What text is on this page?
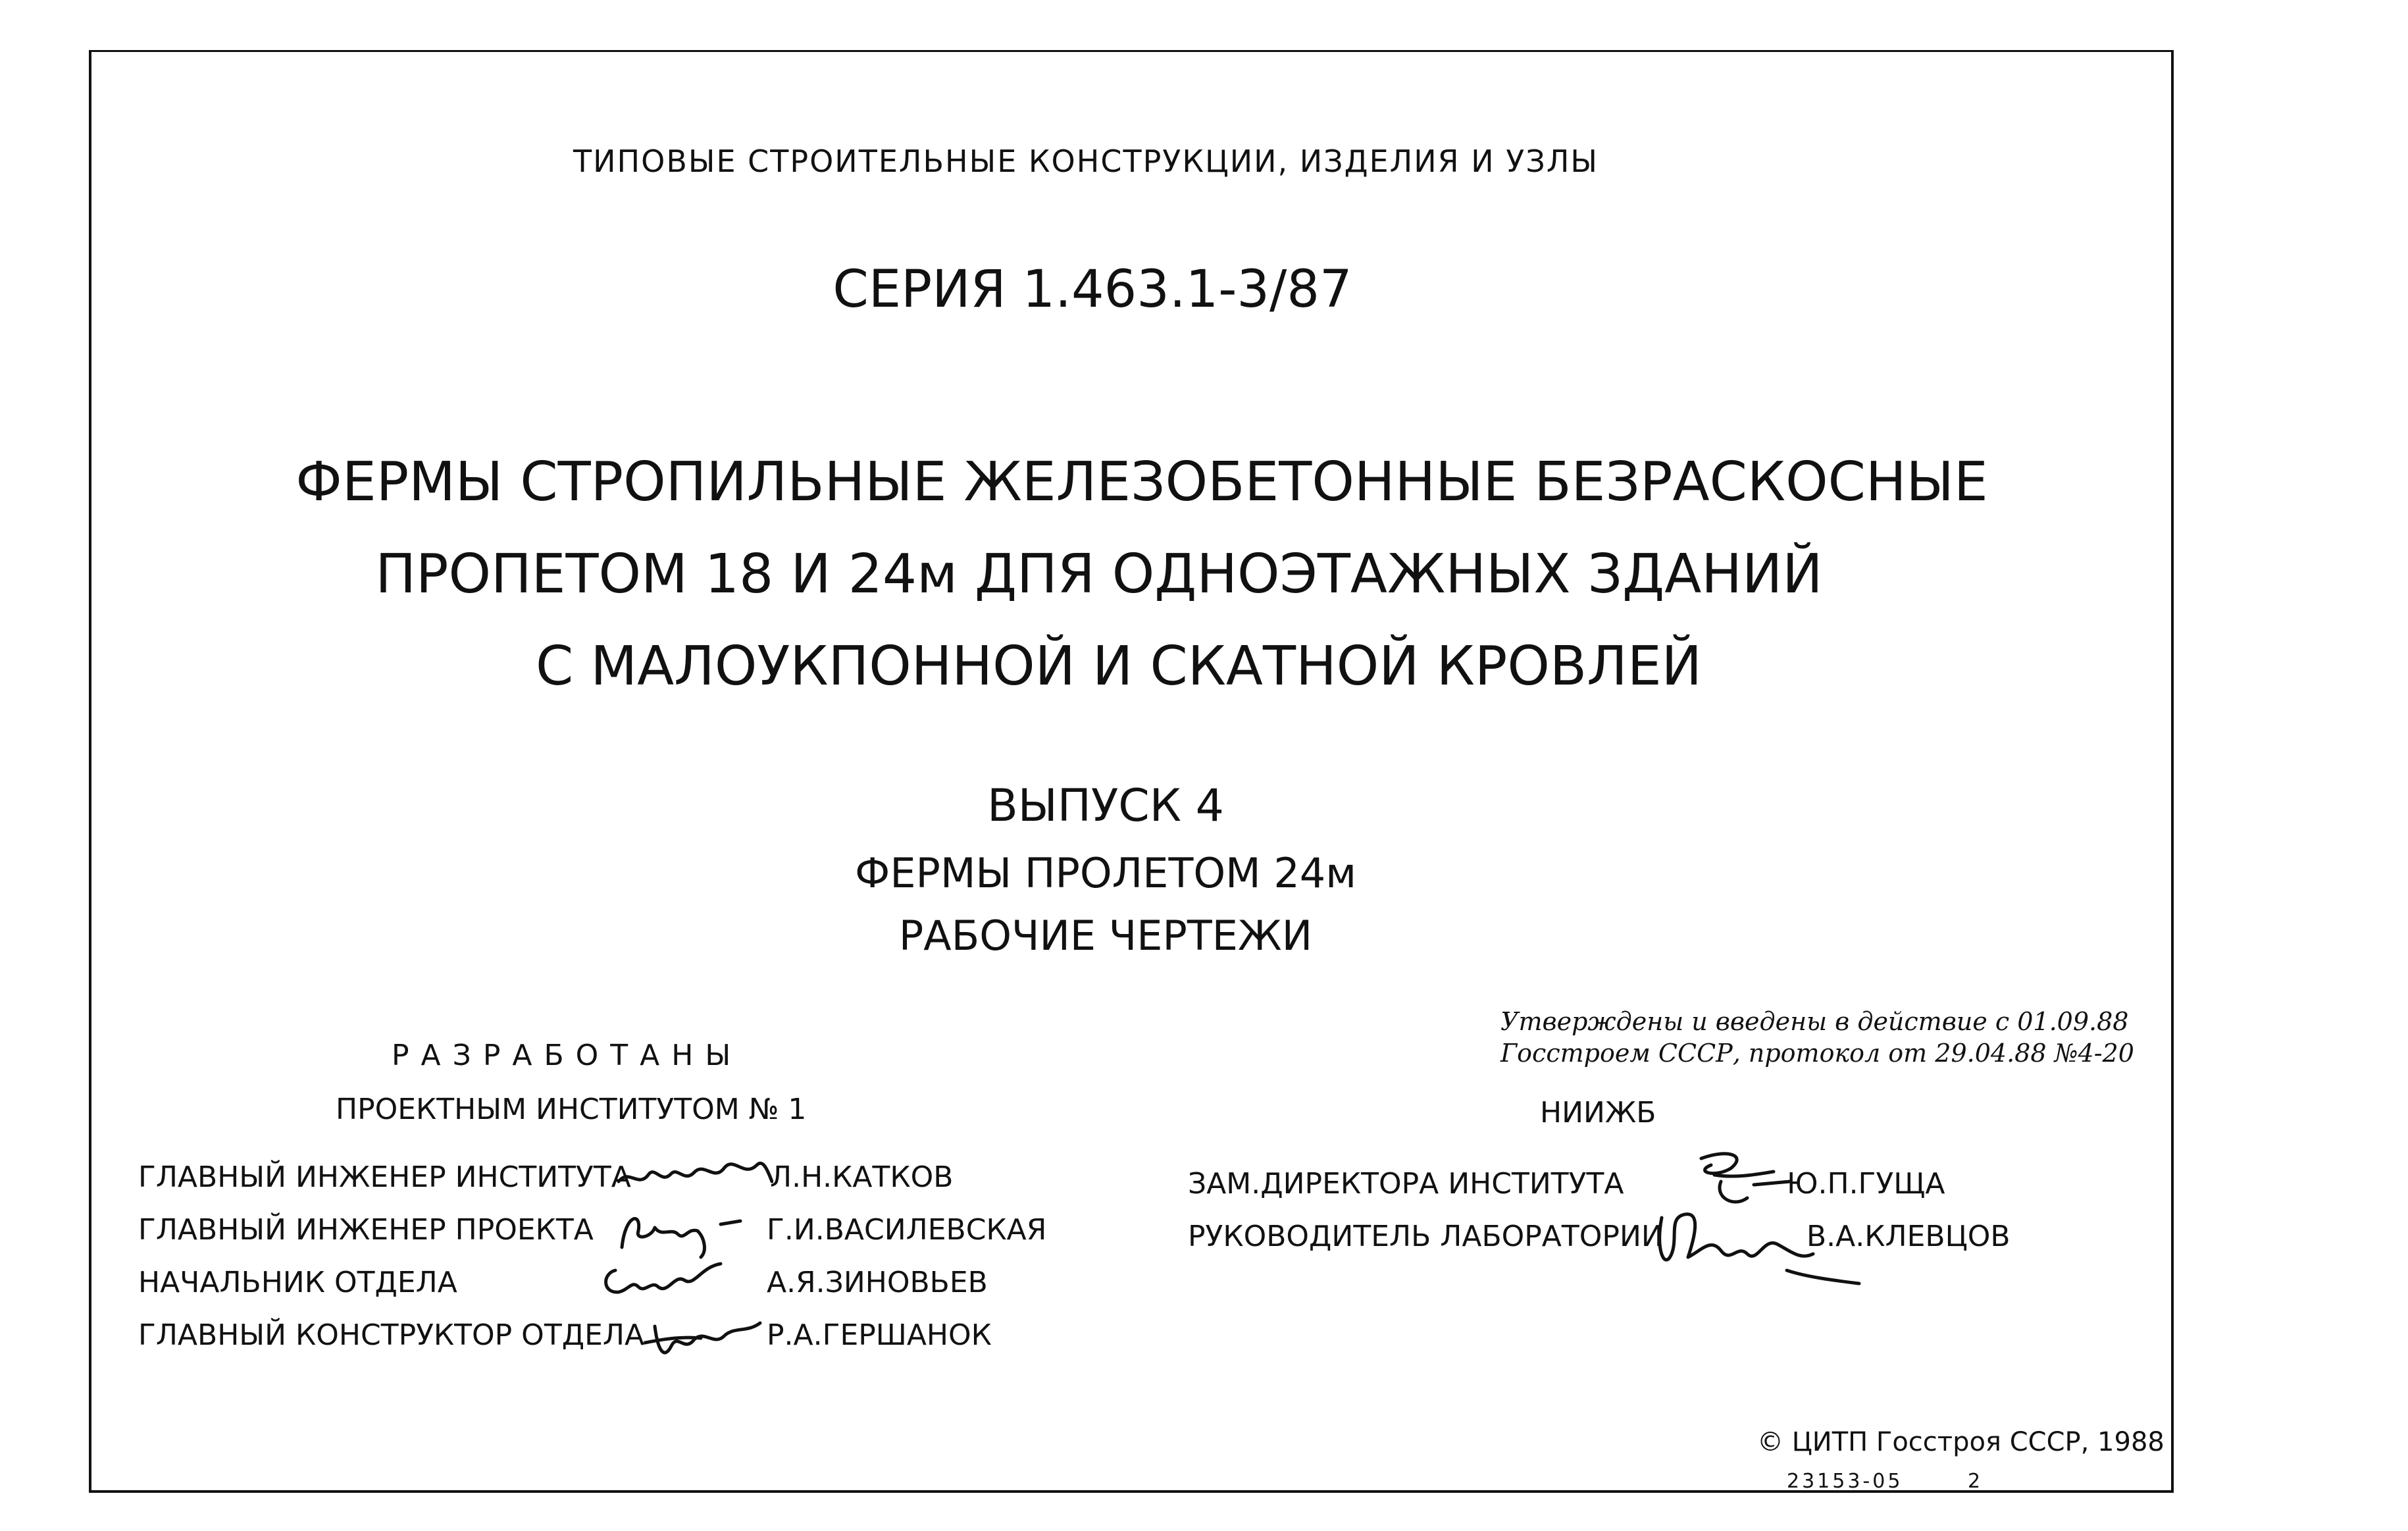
ТИПОВЫЕ СТРОИТЕЛЬНЫЕ КОНСТРУКЦИИ, ИЗДЕЛИЯ И УЗЛЫ
СЕРИЯ 1.463.1-3/87
ФЕРМЫ СТРОПИЛЬНЫЕ ЖЕЛЕЗОБЕТОННЫЕ БЕЗРАСКОСНЫЕ
ПРОПЕТОМ 18 И 24м ДПЯ ОДНОЭТАЖНЫХ ЗДАНИЙ
С МАЛОУКПОННОЙ И СКАТНОЙ КРОВЛЕЙ
ВЫПУСК 4
ФЕРМЫ ПРОЛЕТОМ 24м
РАБОЧИЕ ЧЕРТЕЖИ
Утверждены и введены в действие с 01.09.88
Госстроем СССР, протокол от 29.04.88 №4-20
РАЗРАБОТАНЫ
ПРОЕКТНЫМ ИНСТИТУТОМ № 1	НИИЖБ
ГЛАВНЫЙ ИНЖЕНЕР ИНСТИТУТА	Л.Н.КАТКОВ
ГЛАВНЫЙ ИНЖЕНЕР ПРОЕКТА	Г.И.ВАСИЛЕВСКАЯ
НАЧАЛЬНИК ОТДЕЛА	А.Я.ЗИНОВЬЕВ
ГЛАВНЫЙ КОНСТРУКТОР ОТДЕЛА	Р.А.ГЕРШАНОК
ЗАМ.ДИРЕКТОРА ИНСТИТУТА	Ю.П.ГУЩА
РУКОВОДИТЕЛЬ ЛАБОРАТОРИИ	В.А.КЛЕВЦОВ
© ЦИТП Госстроя СССР, 1988
23153-05	2
